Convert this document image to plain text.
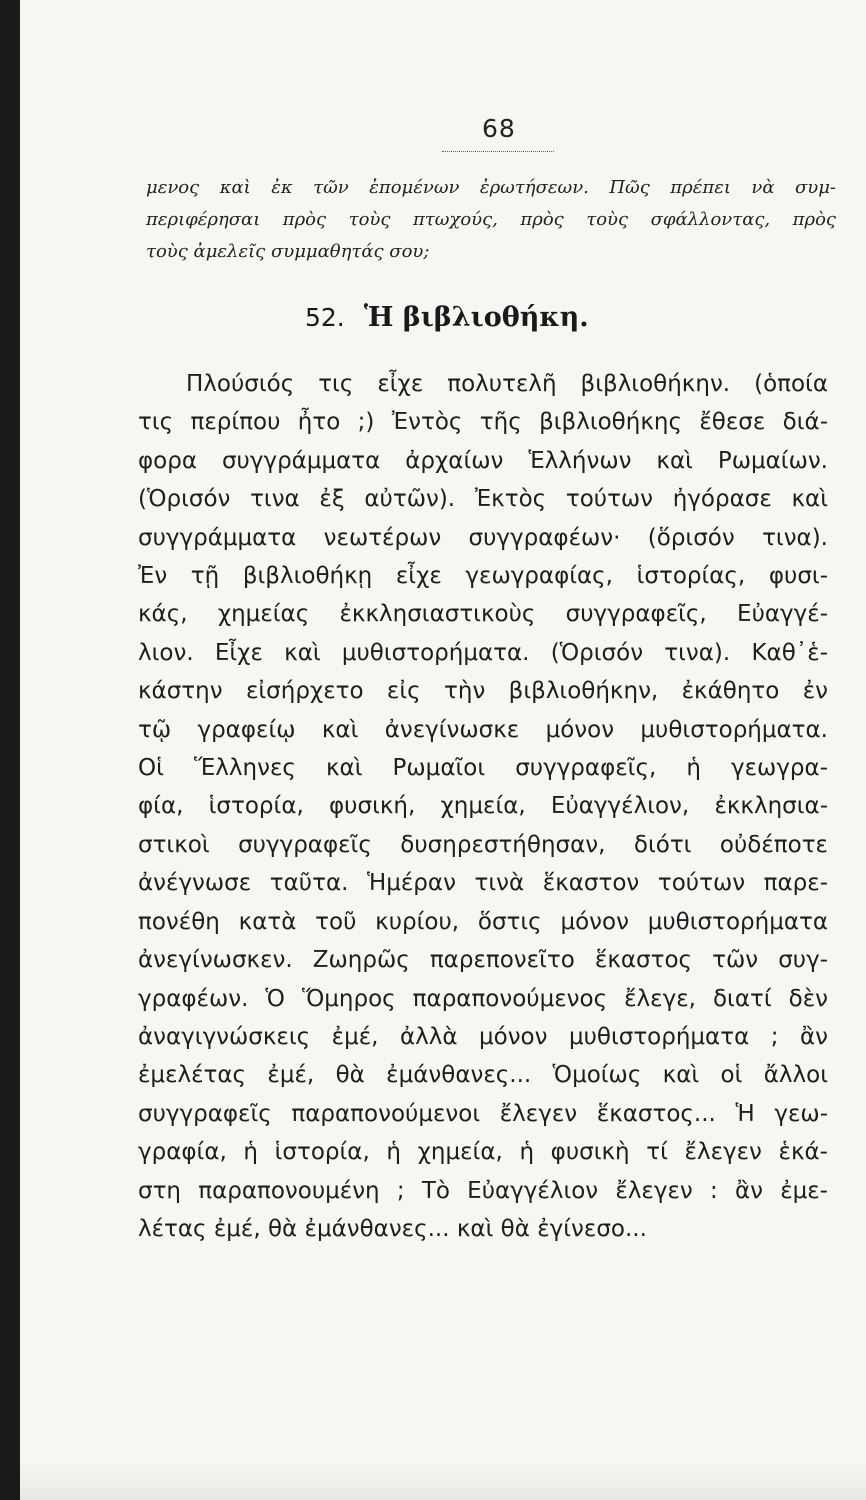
68
μενος καὶ ἐκ τῶν ἑπομένων ἐρωτήσεων. Πῶς πρέπει νὰ συμ-
περιφέρησαι πρὸς τοὺς πτωχούς, πρὸς τοὺς σφάλλοντας, πρὸς
τοὺς ἀμελεῖς συμμαθητάς σου;
52. Ἡ βιβλιοθήκη.
Πλούσιός τις εἶχε πολυτελῆ βιβλιοθήκην. (ὁποία
τις περίπου ἦτο ;) Ἐντὸς τῆς βιβλιοθήκης ἔθεσε διά-
φορα συγγράμματα ἀρχαίων Ἑλλήνων καὶ Ρωμαίων.
(Ὁρισόν τινα ἐξ αὐτῶν). Ἐκτὸς τούτων ἠγόρασε καὶ
συγγράμματα νεωτέρων συγγραφέων· (ὅρισόν τινα).
Ἐν τῇ βιβλιοθήκῃ εἶχε γεωγραφίας, ἱστορίας, φυσι-
κάς, χημείας ἐκκλησιαστικοὺς συγγραφεῖς, Εὐαγγέ-
λιον. Εἶχε καὶ μυθιστορήματα. (Ὁρισόν τινα). Καθ᾽ἑ-
κάστην εἰσήρχετο εἰς τὴν βιβλιοθήκην, ἐκάθητο ἐν
τῷ γραφείῳ καὶ ἀνεγίνωσκε μόνον μυθιστορήματα.
Οἱ Ἕλληνες καὶ Ρωμαῖοι συγγραφεῖς, ἡ γεωγρα-
φία, ἱστορία, φυσική, χημεία, Εὐαγγέλιον, ἐκκλησια-
στικοὶ συγγραφεῖς δυσηρεστήθησαν, διότι οὐδέποτε
ἀνέγνωσε ταῦτα. Ἡμέραν τινὰ ἕκαστον τούτων παρε-
πονέθη κατὰ τοῦ κυρίου, ὅστις μόνον μυθιστορήματα
ἀνεγίνωσκεν. Ζωηρῶς παρεπονεῖτο ἕκαστος τῶν συγ-
γραφέων. Ὁ Ὅμηρος παραπονούμενος ἔλεγε, διατί δὲν
ἀναγιγνώσκεις ἐμέ, ἀλλὰ μόνον μυθιστορήματα ; ἂν
ἐμελέτας ἐμέ, θὰ ἐμάνθανες... Ὁμοίως καὶ οἱ ἄλλοι
συγγραφεῖς παραπονούμενοι ἔλεγεν ἕκαστος... Ἡ γεω-
γραφία, ἡ ἱστορία, ἡ χημεία, ἡ φυσικὴ τί ἔλεγεν ἑκά-
στη παραπονουμένη ; Τὸ Εὐαγγέλιον ἔλεγεν : ἂν ἐμε-
λέτας ἐμέ, θὰ ἐμάνθανες... καὶ θὰ ἐγίνεσο...
